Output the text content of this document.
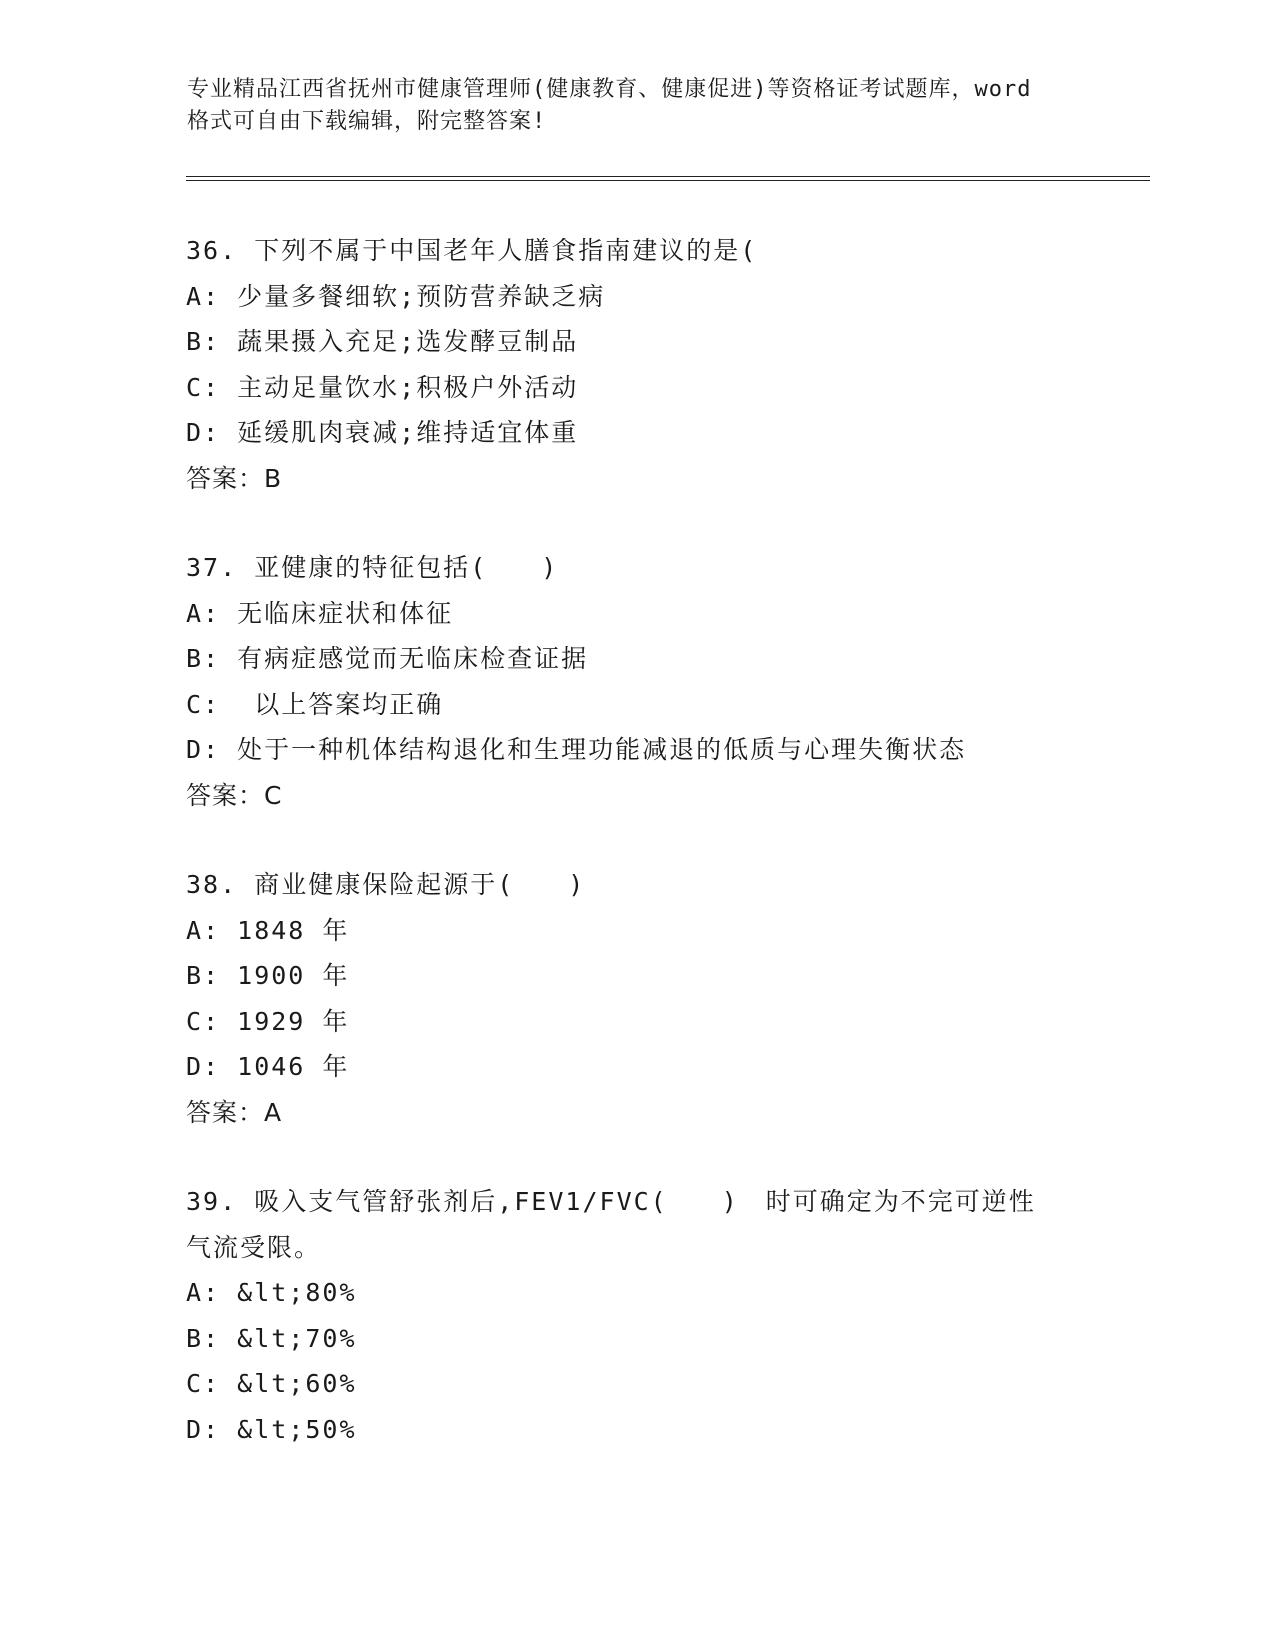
专业精品江西省抚州市健康管理师(健康教育、健康促进)等资格证考试题库，word
格式可自由下载编辑，附完整答案!
36. 下列不属于中国老年人膳食指南建议的是(
A: 少量多餐细软;预防营养缺乏病
B: 蔬果摄入充足;选发酵豆制品
C: 主动足量饮水;积极户外活动
D: 延缓肌肉衰减;维持适宜体重
答案：B
37. 亚健康的特征包括(　　)
A: 无临床症状和体征
B: 有病症感觉而无临床检查证据
C:  以上答案均正确
D: 处于一种机体结构退化和生理功能减退的低质与心理失衡状态
答案：C
38. 商业健康保险起源于(　　)
A: 1848 年
B: 1900 年
C: 1929 年
D: 1046 年
答案：A
39. 吸入支气管舒张剂后,FEV1/FVC(　　)　时可确定为不完可逆性气流受限。
A: &lt;80%
B: &lt;70%
C: &lt;60%
D: &lt;50%
